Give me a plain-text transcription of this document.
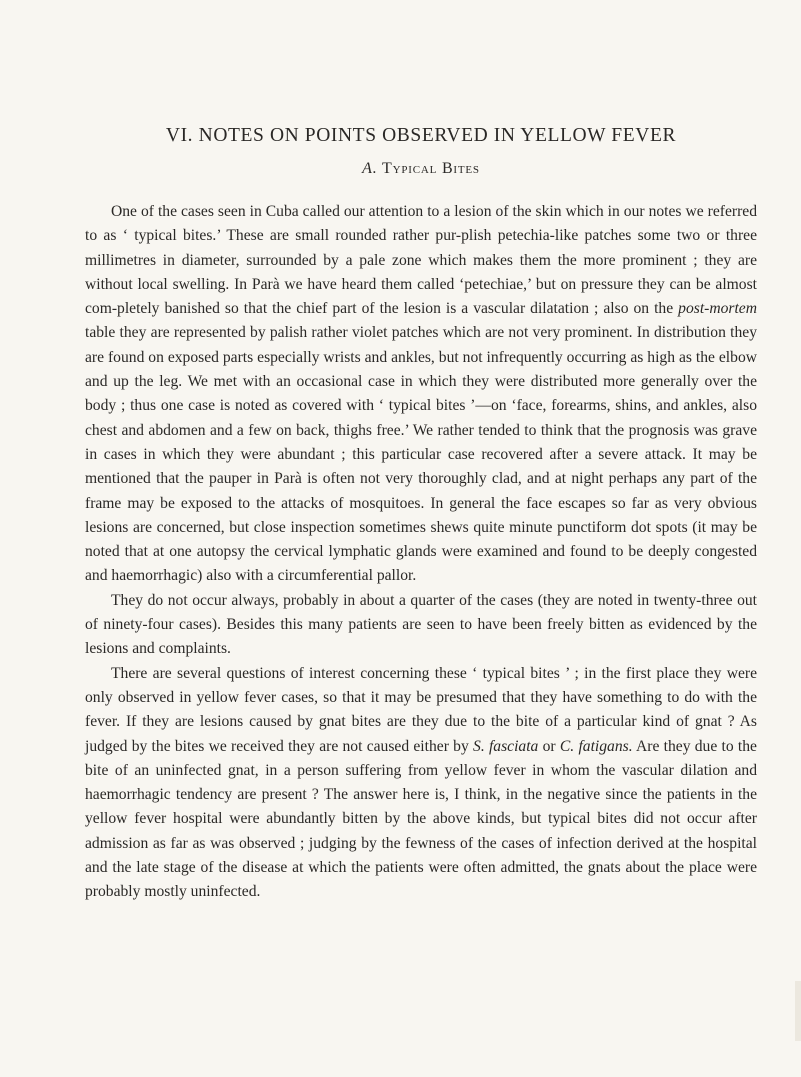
VI. NOTES ON POINTS OBSERVED IN YELLOW FEVER
A. Typical Bites

One of the cases seen in Cuba called our attention to a lesion of the skin which in our notes we referred to as ‘ typical bites.’ These are small rounded rather pur-plish petechia-like patches some two or three millimetres in diameter, surrounded by a pale zone which makes them the more prominent ; they are without local swelling. In Parà we have heard them called ‘petechiae,’ but on pressure they can be almost com-pletely banished so that the chief part of the lesion is a vascular dilatation ; also on the post-mortem table they are represented by palish rather violet patches which are not very prominent. In distribution they are found on exposed parts especially wrists and ankles, but not infrequently occurring as high as the elbow and up the leg. We met with an occasional case in which they were distributed more generally over the body ; thus one case is noted as covered with ‘ typical bites ’—on ‘face, forearms, shins, and ankles, also chest and abdomen and a few on back, thighs free.’ We rather tended to think that the prognosis was grave in cases in which they were abundant ; this particular case recovered after a severe attack. It may be mentioned that the pauper in Parà is often not very thoroughly clad, and at night perhaps any part of the frame may be exposed to the attacks of mosquitoes. In general the face escapes so far as very obvious lesions are concerned, but close inspection sometimes shews quite minute punctiform dot spots (it may be noted that at one autopsy the cervical lymphatic glands were examined and found to be deeply congested and haemorrhagic) also with a circumferential pallor.

They do not occur always, probably in about a quarter of the cases (they are noted in twenty-three out of ninety-four cases). Besides this many patients are seen to have been freely bitten as evidenced by the lesions and complaints.

There are several questions of interest concerning these ‘ typical bites ’ ; in the first place they were only observed in yellow fever cases, so that it may be presumed that they have something to do with the fever. If they are lesions caused by gnat bites are they due to the bite of a particular kind of gnat ? As judged by the bites we received they are not caused either by S. fasciata or C. fatigans. Are they due to the bite of an uninfected gnat, in a person suffering from yellow fever in whom the vascular dilation and haemorrhagic tendency are present ? The answer here is, I think, in the negative since the patients in the yellow fever hospital were abundantly bitten by the above kinds, but typical bites did not occur after admission as far as was observed ; judging by the fewness of the cases of infection derived at the hospital and the late stage of the disease at which the patients were often admitted, the gnats about the place were probably mostly uninfected.
